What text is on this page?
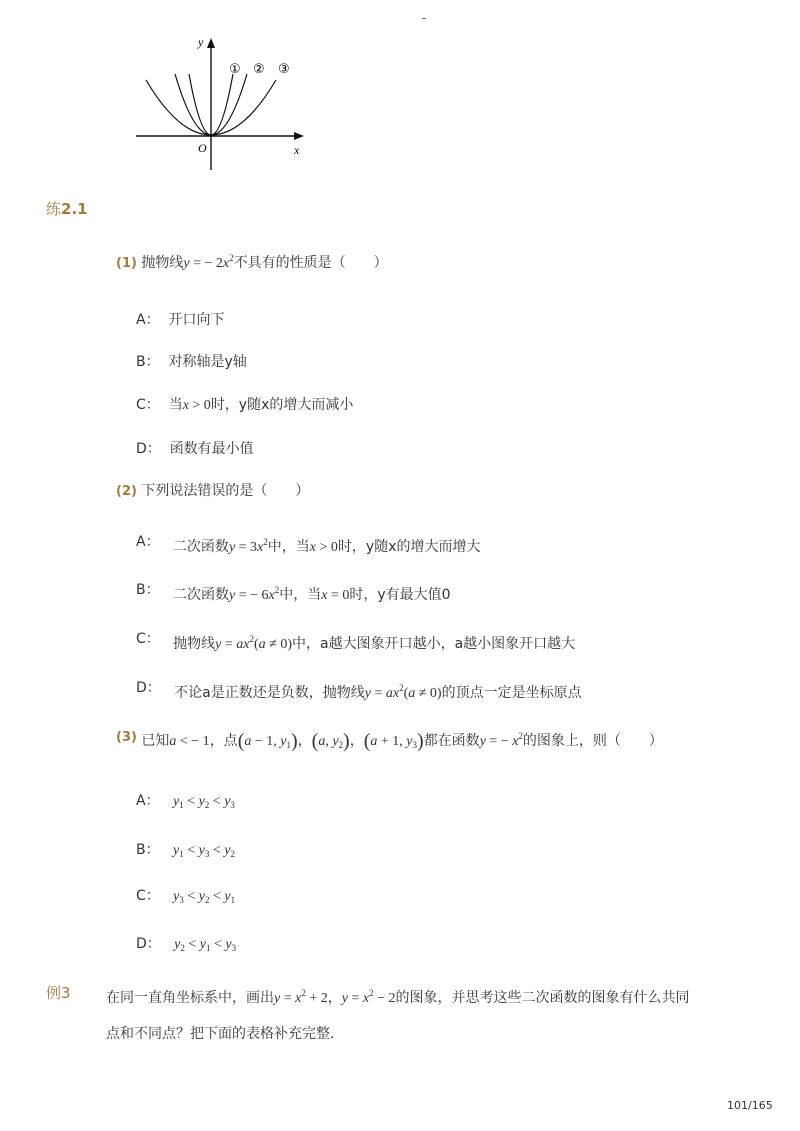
y
x
O
① ② ③
练2.1
(1) 抛物线y = − $2x^2$不具有的性质是（　　）
A： 开口向下
B： 对称轴是y轴
C： 当x > 0时，y随x的增大而减小
D： 函数有最小值
(2) 下列说法错误的是（　　）
A： 二次函数$y = 3x^2$中，当x > 0时，y随x的增大而增大
B： 二次函数y = − $6x^2$中，当x = 0时，y有最大值0
C： 抛物线$y = ax^2(a \ne 0)$中，a越大图象开口越小，a越小图象开口越大
D： 不论a是正数还是负数，抛物线$y = ax^2(a \ne 0)$的顶点一定是坐标原点
(3) 已知a < − 1，点(a − 1, $y_1$)，(a, $y_2$)，(a + 1, $y_3$)都在函数y = − $x^2$的图象上，则（　　）
A： $y_1 < y_2 < y_3$
B： $y_1 < y_3 < y_2$
C： $y_3 < y_2 < y_1$
D： $y_2 < y_1 < y_3$
例3	在同一直角坐标系中，画出$y = x^2 + 2$，$y = x^2 - 2$的图象，并思考这些二次函数的图象有什么共同
点和不同点？把下面的表格补充完整．
101/165
